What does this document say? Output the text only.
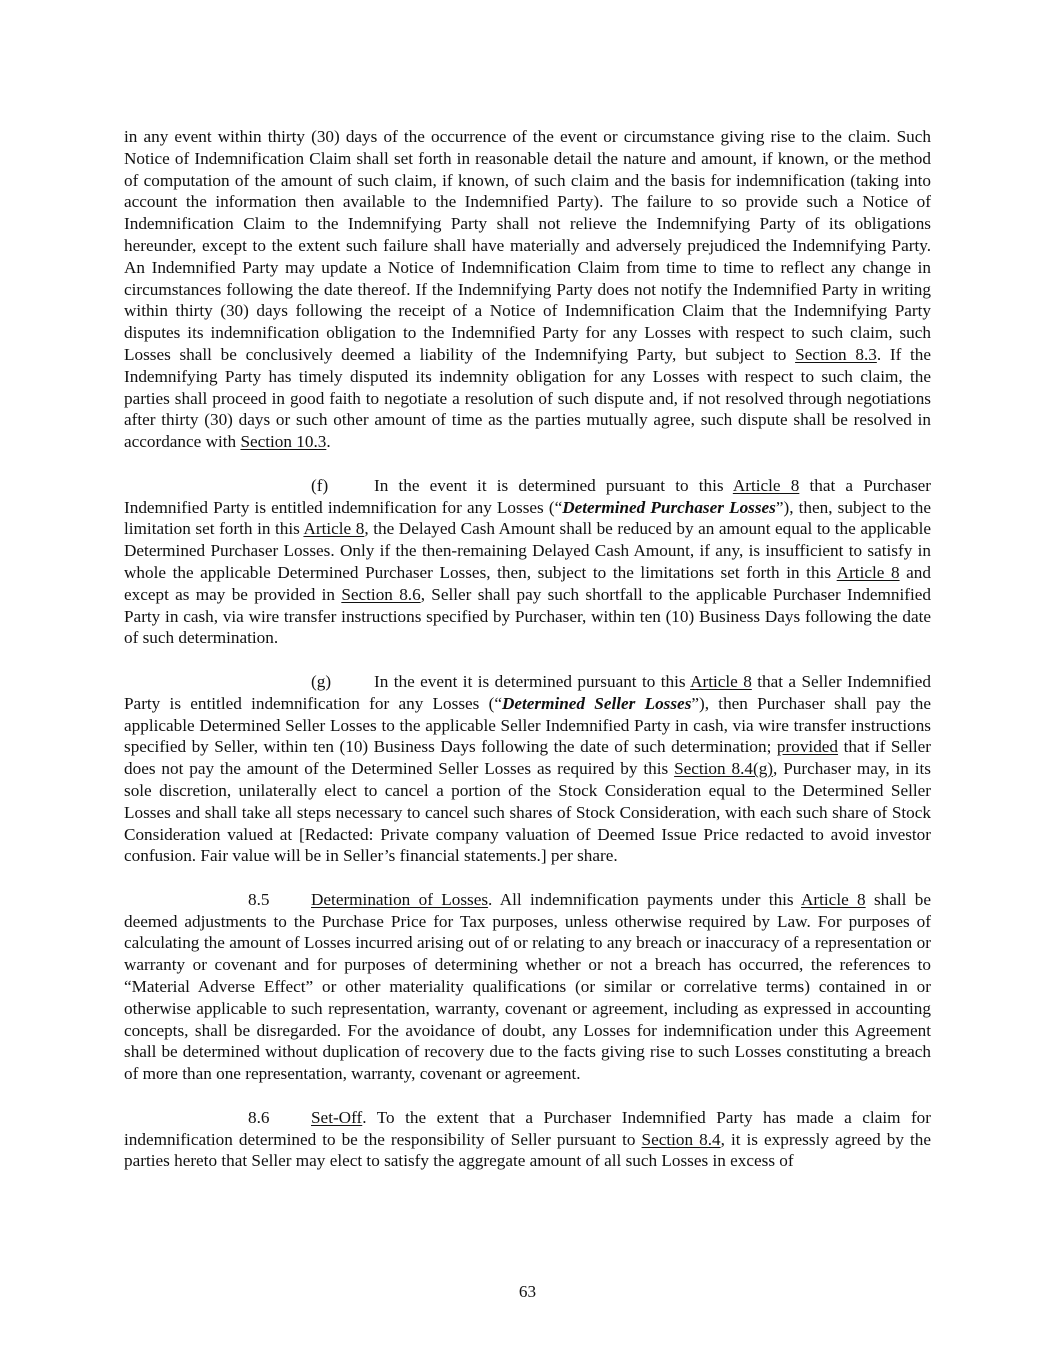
in any event within thirty (30) days of the occurrence of the event or circumstance giving rise to the claim. Such Notice of Indemnification Claim shall set forth in reasonable detail the nature and amount, if known, or the method of computation of the amount of such claim, if known, of such claim and the basis for indemnification (taking into account the information then available to the Indemnified Party). The failure to so provide such a Notice of Indemnification Claim to the Indemnifying Party shall not relieve the Indemnifying Party of its obligations hereunder, except to the extent such failure shall have materially and adversely prejudiced the Indemnifying Party. An Indemnified Party may update a Notice of Indemnification Claim from time to time to reflect any change in circumstances following the date thereof. If the Indemnifying Party does not notify the Indemnified Party in writing within thirty (30) days following the receipt of a Notice of Indemnification Claim that the Indemnifying Party disputes its indemnification obligation to the Indemnified Party for any Losses with respect to such claim, such Losses shall be conclusively deemed a liability of the Indemnifying Party, but subject to Section 8.3. If the Indemnifying Party has timely disputed its indemnity obligation for any Losses with respect to such claim, the parties shall proceed in good faith to negotiate a resolution of such dispute and, if not resolved through negotiations after thirty (30) days or such other amount of time as the parties mutually agree, such dispute shall be resolved in accordance with Section 10.3.

(f)	In the event it is determined pursuant to this Article 8 that a Purchaser Indemnified Party is entitled indemnification for any Losses (“Determined Purchaser Losses”), then, subject to the limitation set forth in this Article 8, the Delayed Cash Amount shall be reduced by an amount equal to the applicable Determined Purchaser Losses. Only if the then-remaining Delayed Cash Amount, if any, is insufficient to satisfy in whole the applicable Determined Purchaser Losses, then, subject to the limitations set forth in this Article 8 and except as may be provided in Section 8.6, Seller shall pay such shortfall to the applicable Purchaser Indemnified Party in cash, via wire transfer instructions specified by Purchaser, within ten (10) Business Days following the date of such determination.

(g) In the event it is determined pursuant to this Article 8 that a Seller Indemnified Party is entitled indemnification for any Losses (“Determined Seller Losses”), then Purchaser shall pay the applicable Determined Seller Losses to the applicable Seller Indemnified Party in cash, via wire transfer instructions specified by Seller, within ten (10) Business Days following the date of such determination; provided that if Seller does not pay the amount of the Determined Seller Losses as required by this Section 8.4(g), Purchaser may, in its sole discretion, unilaterally elect to cancel a portion of the Stock Consideration equal to the Determined Seller Losses and shall take all steps necessary to cancel such shares of Stock Consideration, with each such share of Stock Consideration valued at [Redacted: Private company valuation of Deemed Issue Price redacted to avoid investor confusion. Fair value will be in Seller’s financial statements.] per share.

8.5 Determination of Losses. All indemnification payments under this Article 8 shall be deemed adjustments to the Purchase Price for Tax purposes, unless otherwise required by Law. For purposes of calculating the amount of Losses incurred arising out of or relating to any breach or inaccuracy of a representation or warranty or covenant and for purposes of determining whether or not a breach has occurred, the references to “Material Adverse Effect” or other materiality qualifications (or similar or correlative terms) contained in or otherwise applicable to such representation, warranty, covenant or agreement, including as expressed in accounting concepts, shall be disregarded. For the avoidance of doubt, any Losses for indemnification under this Agreement shall be determined without duplication of recovery due to the facts giving rise to such Losses constituting a breach of more than one representation, warranty, covenant or agreement.

8.6 Set-Off. To the extent that a Purchaser Indemnified Party has made a claim for indemnification determined to be the responsibility of Seller pursuant to Section 8.4, it is expressly agreed by the parties hereto that Seller may elect to satisfy the aggregate amount of all such Losses in excess of

63
